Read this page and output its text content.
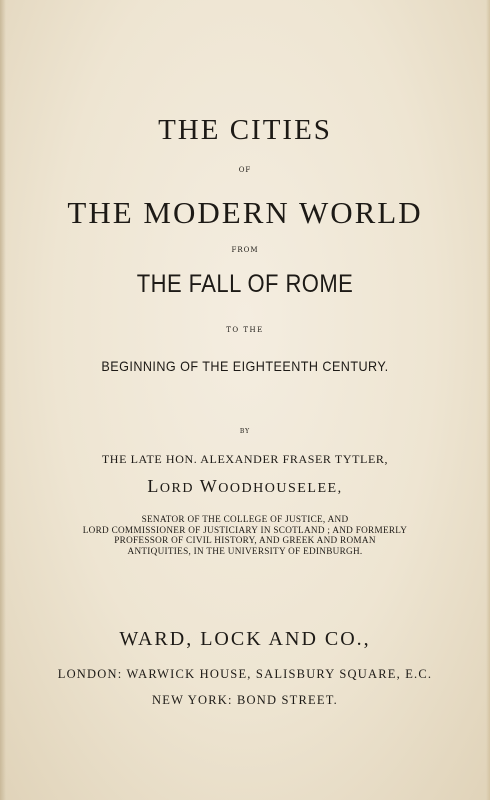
THE CITIES
OF
THE MODERN WORLD
FROM
THE FALL OF ROME
TO THE
BEGINNING OF THE EIGHTEENTH CENTURY.
BY
THE LATE HON. ALEXANDER FRASER TYTLER,
LORD WOODHOUSELEE,
SENATOR OF THE COLLEGE OF JUSTICE, AND
LORD COMMISSIONER OF JUSTICIARY IN SCOTLAND ; AND FORMERLY
PROFESSOR OF CIVIL HISTORY, AND GREEK AND ROMAN
ANTIQUITIES, IN THE UNIVERSITY OF EDINBURGH.
WARD, LOCK AND CO.,
LONDON: WARWICK HOUSE, SALISBURY SQUARE, E.C.
NEW YORK: BOND STREET.
